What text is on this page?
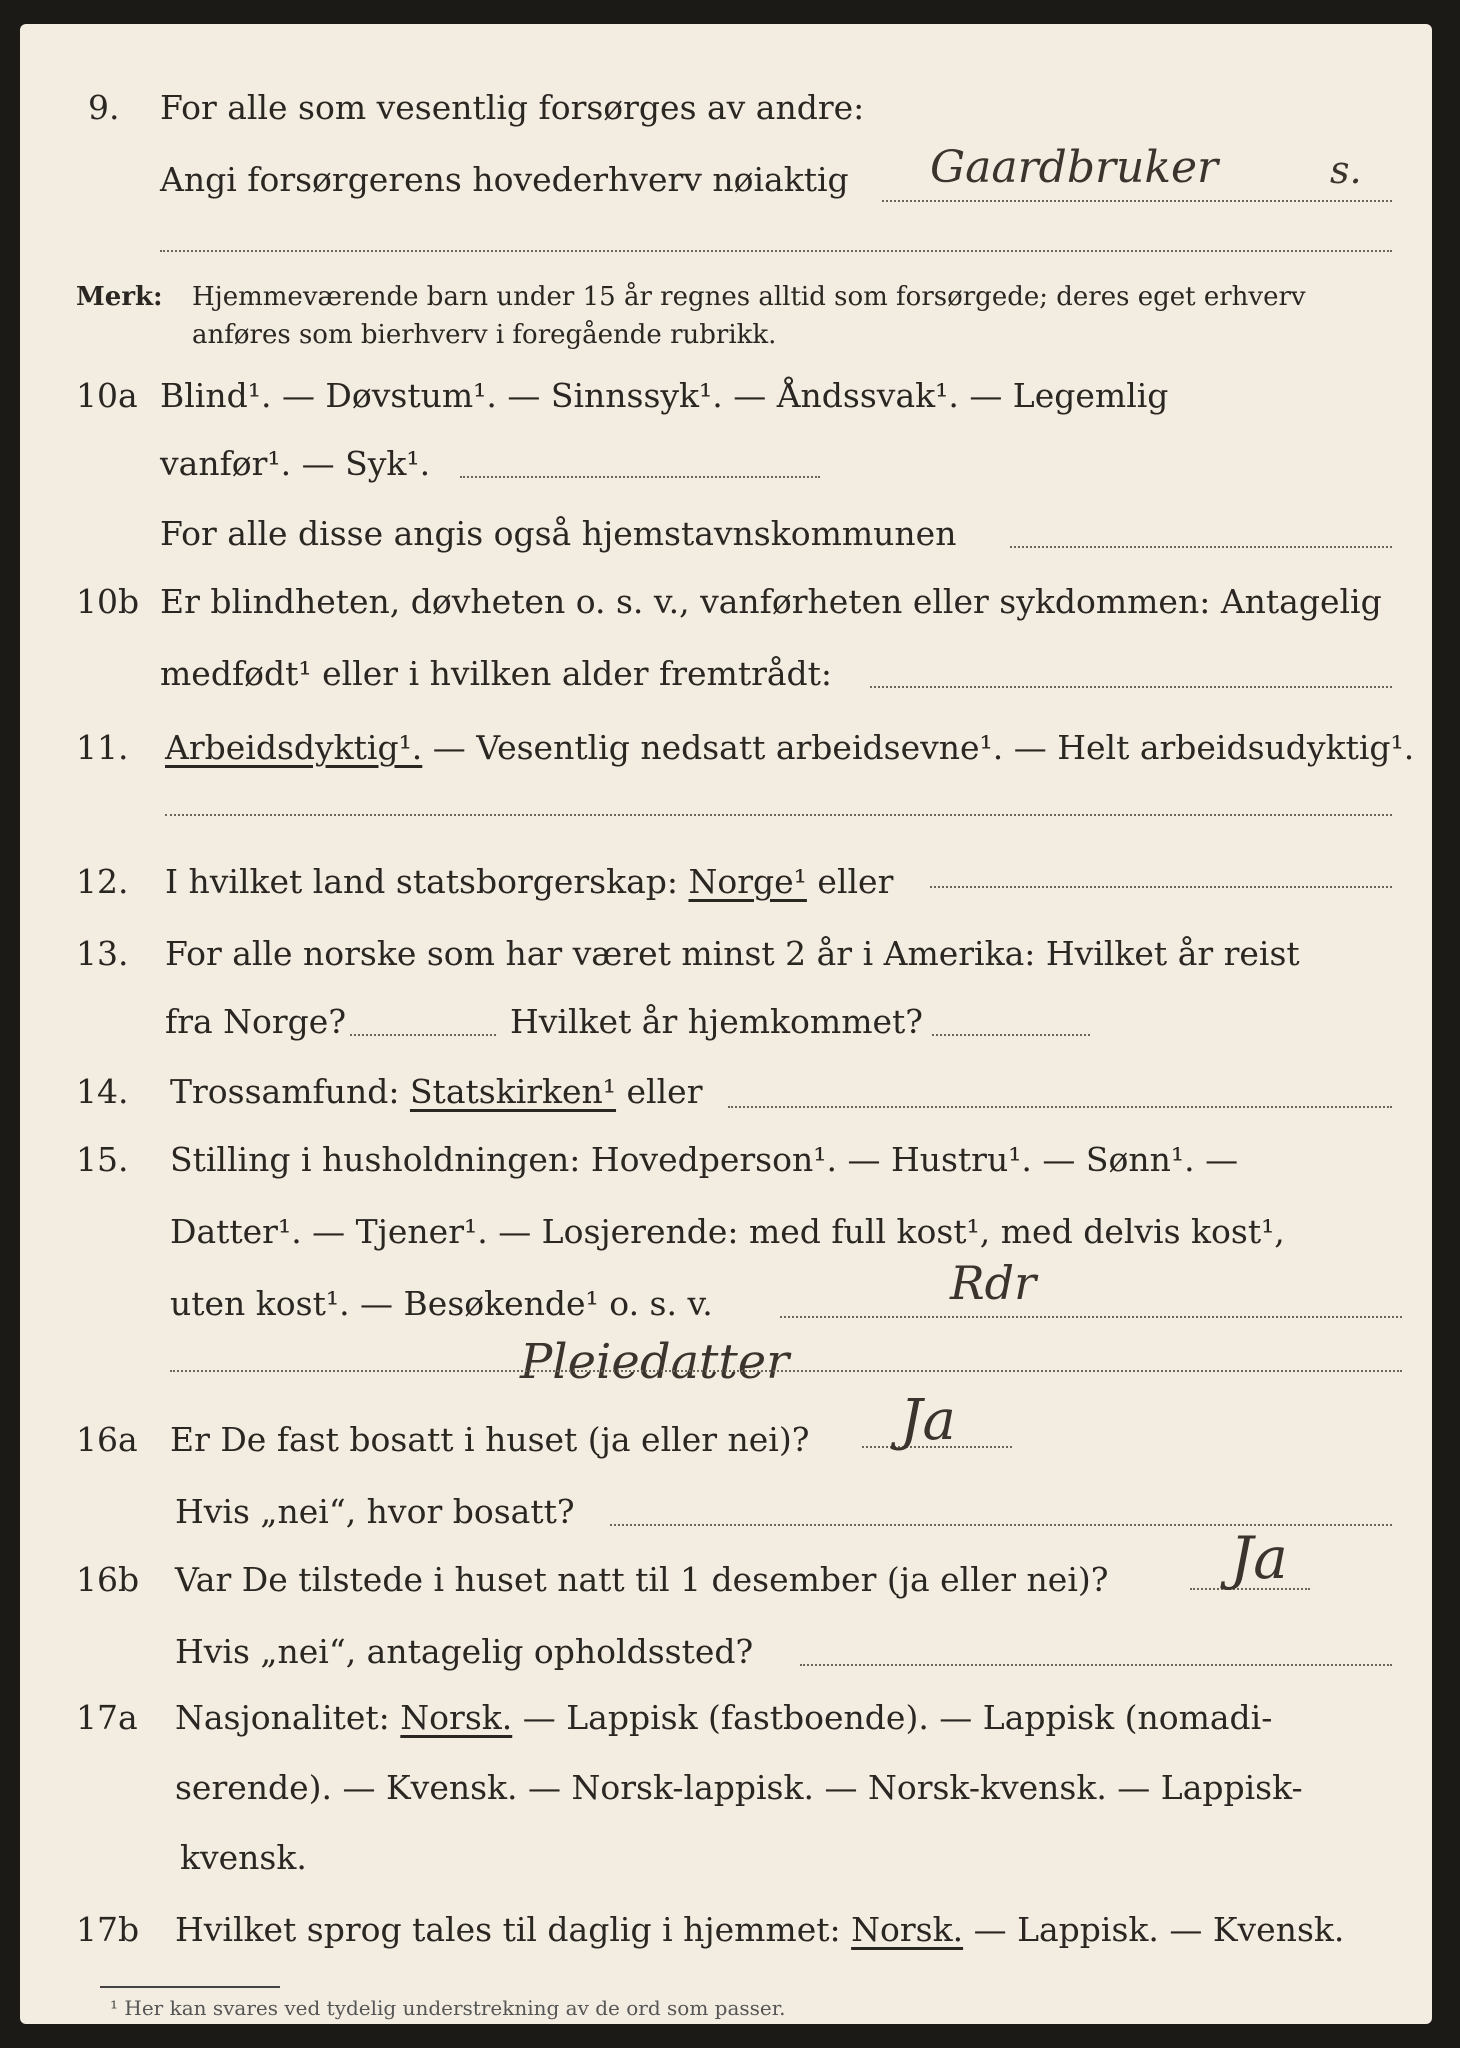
9. For alle som vesentlig forsørges av andre:
Angi forsørgerens hovederhverv nøiaktig Gaardbruker	s.
Merk: Hjemmeværende barn under 15 år regnes alltid som forsørgede; deres eget erhverv
anføres som bierhverv i foregående rubrikk.
10a Blind¹. — Døvstum¹. — Sinnssyk¹. — Åndssvak¹. — Legemlig
vanfør¹. — Syk¹.
For alle disse angis også hjemstavnskommunen
10b Er blindheten, døvheten o. s. v., vanførheten eller sykdommen: Antagelig
medfødt¹ eller i hvilken alder fremtrådt:
11. Arbeidsdyktig¹. — Vesentlig nedsatt arbeidsevne¹. — Helt arbeidsudyktig¹.
12. I hvilket land statsborgerskap: Norge¹ eller
13. For alle norske som har været minst 2 år i Amerika: Hvilket år reist
fra Norge?	Hvilket år hjemkommet?
14. Trossamfund: Statskirken¹ eller
15. Stilling i husholdningen: Hovedperson¹. — Hustru¹. — Sønn¹. —
Datter¹. — Tjener¹. — Losjerende: med full kost¹, med delvis kost¹,
uten kost¹. — Besøkende¹ o. s. v.	Rdr
Pleiedatter
16a Er De fast bosatt i huset (ja eller nei)? Ja
Hvis „nei“, hvor bosatt?
16b Var De tilstede i huset natt til 1 desember (ja eller nei)? Ja
Hvis „nei“, antagelig opholdssted?
17a Nasjonalitet: Norsk. — Lappisk (fastboende). — Lappisk (nomadi-
serende). — Kvensk. — Norsk-lappisk. — Norsk-kvensk. — Lappisk-
kvensk.
17b Hvilket sprog tales til daglig i hjemmet: Norsk. — Lappisk. — Kvensk.
¹ Her kan svares ved tydelig understrekning av de ord som passer.
